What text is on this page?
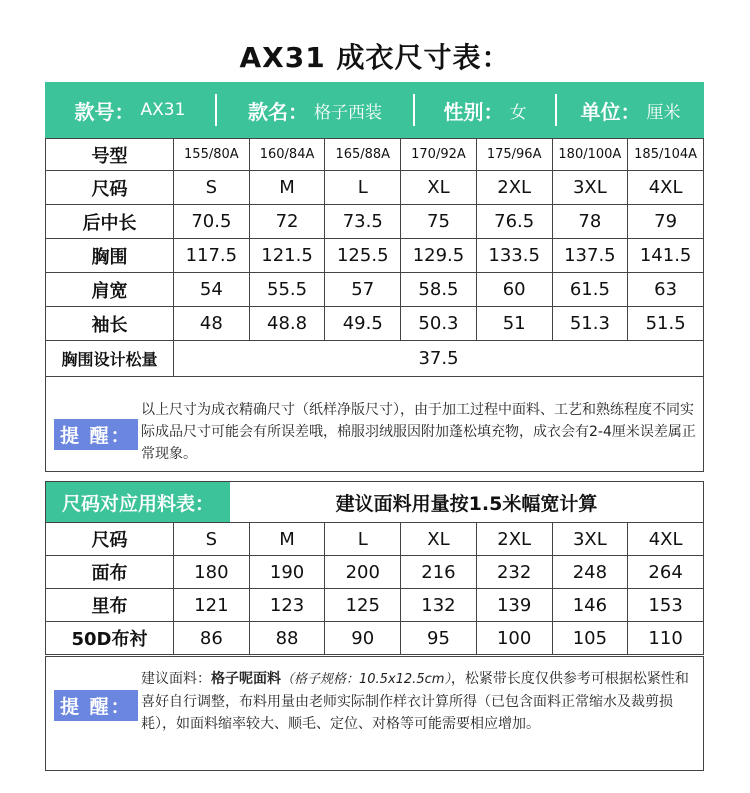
AX31 成衣尺寸表：
款号： AX31	款名： 格子西装	性别： 女	单位： 厘米
号型	155/80A	160/84A	165/88A	170/92A	175/96A	180/100A	185/104A
尺码	S	M	L	XL	2XL	3XL	4XL
后中长	70.5	72	73.5	75	76.5	78	79
胸围	117.5	121.5	125.5	129.5	133.5	137.5	141.5
肩宽	54	55.5	57	58.5	60	61.5	63
袖长	48	48.8	49.5	50.3	51	51.3	51.5
胸围设计松量	37.5						
提 醒：
以上尺寸为成衣精确尺寸（纸样净版尺寸），由于加工过程中面料、工艺和熟练程度不同实际成品尺寸可能会有所误差哦，棉服羽绒服因附加蓬松填充物，成衣会有2-4厘米误差属正常现象。
尺码对应用料表：	建议面料用量按1.5米幅宽计算
尺码	S	M	L	XL	2XL	3XL	4XL
面布	180	190	200	216	232	248	264
里布	121	123	125	132	139	146	153
50D布衬	86	88	90	95	100	105	110
提 醒：
建议面料：格子呢面料（格子规格：10.5x12.5cm），松紧带长度仅供参考可根据松紧性和喜好自行调整，布料用量由老师实际制作样衣计算所得（已包含面料正常缩水及裁剪损耗），如面料缩率较大、顺毛、定位、对格等可能需要相应增加。
